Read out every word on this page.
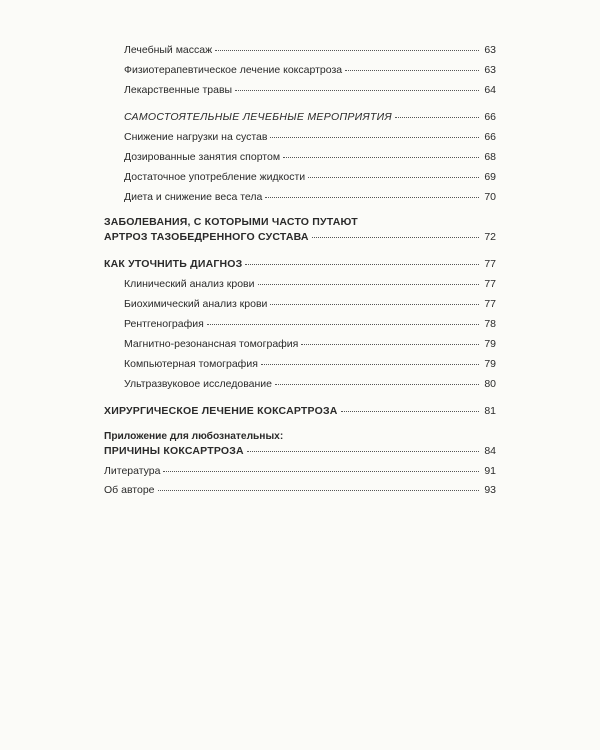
Лечебный массаж	63
Физиотерапевтическое лечение коксартроза	63
Лекарственные травы	64
САМОСТОЯТЕЛЬНЫЕ ЛЕЧЕБНЫЕ МЕРОПРИЯТИЯ	66
Снижение нагрузки на сустав	66
Дозированные занятия спортом	68
Достаточное употребление жидкости	69
Диета и снижение веса тела	70
ЗАБОЛЕВАНИЯ, С КОТОРЫМИ ЧАСТО ПУТАЮТ
АРТРОЗ ТАЗОБЕДРЕННОГО СУСТАВА	72
КАК УТОЧНИТЬ ДИАГНОЗ	77
Клинический анализ крови	77
Биохимический анализ крови	77
Рентгенография	78
Магнитно-резонансная томография	79
Компьютерная томография	79
Ультразвуковое исследование	80
ХИРУРГИЧЕСКОЕ ЛЕЧЕНИЕ КОКСАРТРОЗА	81
Приложение для любознательных:
ПРИЧИНЫ КОКСАРТРОЗА	84
Литература	91
Об авторе	93
